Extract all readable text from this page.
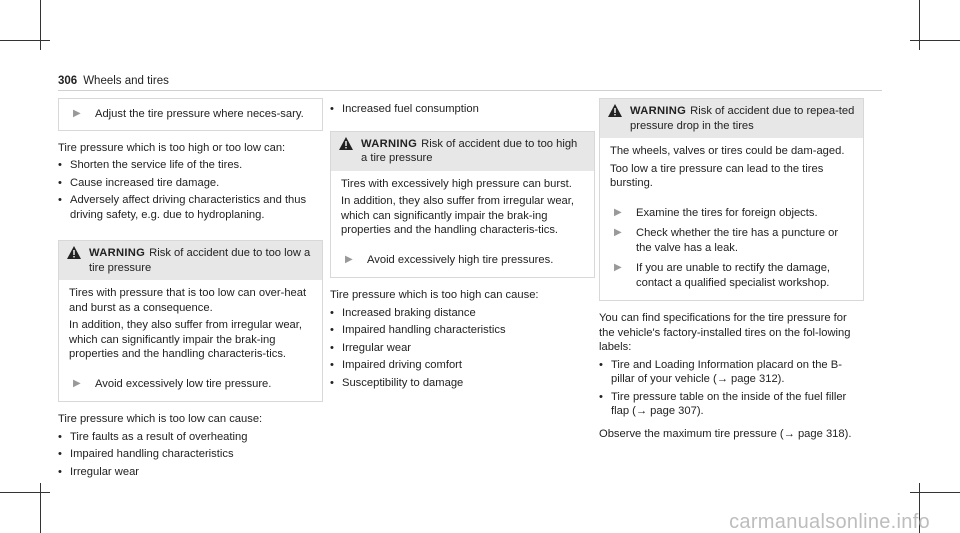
306 Wheels and tires
▶ Adjust the tire pressure where neces-sary.

Tire pressure which is too high or too low can:

• Shorten the service life of the tires.
• Cause increased tire damage.
• Adversely affect driving characteristics and thus driving safety, e.g. due to hydroplaning.
WARNING Risk of accident due to too low a tire pressure

Tires with pressure that is too low can over-heat and burst as a consequence.

In addition, they also suffer from irregular wear, which can significantly impair the brak-ing properties and the handling characteris-tics.

▶ Avoid excessively low tire pressure.

Tire pressure which is too low can cause:

• Tire faults as a result of overheating
• Impaired handling characteristics
• Irregular wear
• Increased fuel consumption
WARNING Risk of accident due to too high a tire pressure

Tires with excessively high pressure can burst.

In addition, they also suffer from irregular wear, which can significantly impair the brak-ing properties and the handling characteris-tics.

▶ Avoid excessively high tire pressures.

Tire pressure which is too high can cause:

• Increased braking distance
• Impaired handling characteristics
• Irregular wear
• Impaired driving comfort
• Susceptibility to damage
WARNING Risk of accident due to repea-ted pressure drop in the tires

The wheels, valves or tires could be dam-aged.

Too low a tire pressure can lead to the tires bursting.

▶ Examine the tires for foreign objects.
▶ Check whether the tire has a puncture or the valve has a leak.
▶ If you are unable to rectify the damage, contact a qualified specialist workshop.

You can find specifications for the tire pressure for the vehicle's factory-installed tires on the fol-lowing labels:

• Tire and Loading Information placard on the B-pillar of your vehicle (→ page 312).
• Tire pressure table on the inside of the fuel filler flap (→ page 307).

Observe the maximum tire pressure (→ page 318).

carmanualsonline.info
